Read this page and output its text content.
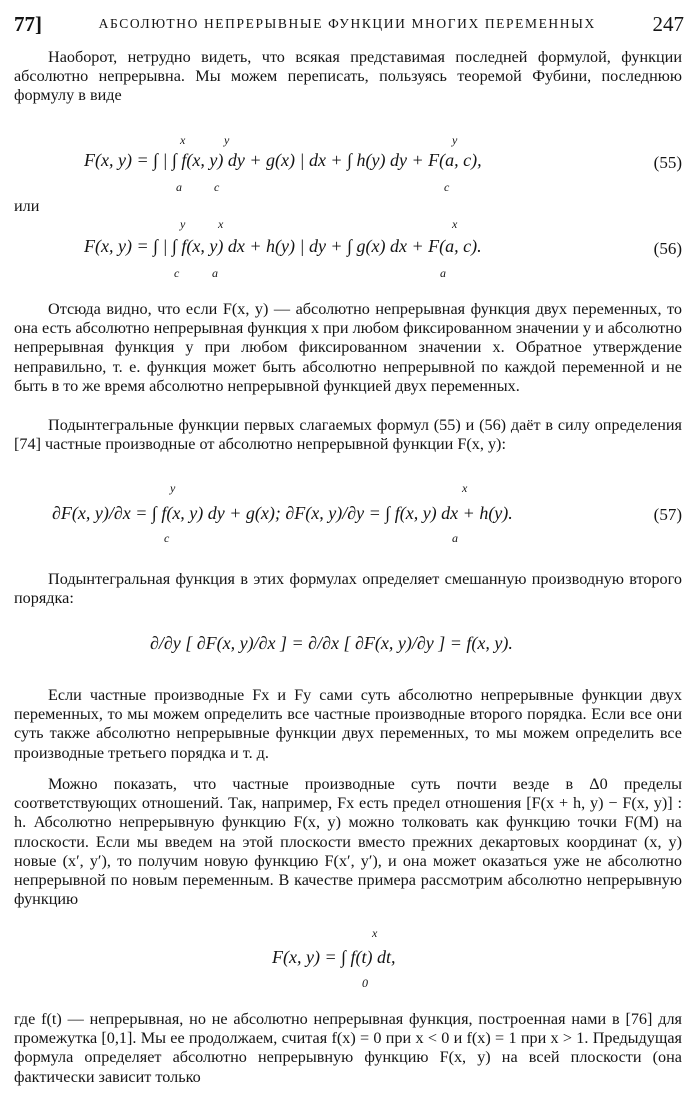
77]	АБСОЛЮТНО НЕПРЕРЫВНЫЕ ФУНКЦИИ МНОГИХ ПЕРЕМЕННЫХ	247

Наоборот, нетрудно видеть, что всякая представимая последней формулой, функции абсолютно непрерывна. Мы можем переписать, пользуясь теоремой Фубини, последнюю формулу в виде

F(x, y) = ∫ | ∫ f(x, y) dy + g(x) | dx + ∫ h(y) dy + F(a, c),
x
a
y
c
y
c
(55)
или
F(x, y) = ∫ | ∫ f(x, y) dx + h(y) | dy + ∫ g(x) dx + F(a, c).
y
c
x
a
x
a
(56)

Отсюда видно, что если F(x, y) — абсолютно непрерывная функция двух переменных, то она есть абсолютно непрерывная функция x при любом фиксированном значении y и абсолютно непрерывная функция y при любом фиксированном значении x. Обратное утверждение неправильно, т. е. функция может быть абсолютно непрерывной по каждой переменной и не быть в то же время абсолютно непрерывной функцией двух переменных.

Подынтегральные функции первых слагаемых формул (55) и (56) даёт в силу определения [74] частные производные от абсолютно непрерывной функции F(x, y):

∂F(x, y)/∂x = ∫ f(x, y) dy + g(x); ∂F(x, y)/∂y = ∫ f(x, y) dx + h(y).
y
c
x
a
(57)

Подынтегральная функция в этих формулах определяет смешанную производную второго порядка:

∂/∂y [ ∂F(x, y)/∂x ] = ∂/∂x [ ∂F(x, y)/∂y ] = f(x, y).

Если частные производные Fx и Fy сами суть абсолютно непрерывные функции двух переменных, то мы можем определить все частные производные второго порядка. Если все они суть также абсолютно непрерывные функции двух переменных, то мы можем определить все производные третьего порядка и т. д.

Можно показать, что частные производные суть почти везде в Δ0 пределы соответствующих отношений. Так, например, Fx есть предел отношения [F(x + h, y) − F(x, y)] : h. Абсолютно непрерывную функцию F(x, y) можно толковать как функцию точки F(M) на плоскости. Если мы введем на этой плоскости вместо прежних декартовых координат (x, y) новые (x′, y′), то получим новую функцию F(x′, y′), и она может оказаться уже не абсолютно непрерывной по новым переменным. В качестве примера рассмотрим абсолютно непрерывную функцию

F(x, y) = ∫ f(t) dt,
x
0

где f(t) — непрерывная, но не абсолютно непрерывная функция, построенная нами в [76] для промежутка [0,1]. Мы ее продолжаем, считая f(x) = 0 при x < 0 и f(x) = 1 при x > 1. Предыдущая формула определяет абсолютно непрерывную функцию F(x, y) на всей плоскости (она фактически зависит только
